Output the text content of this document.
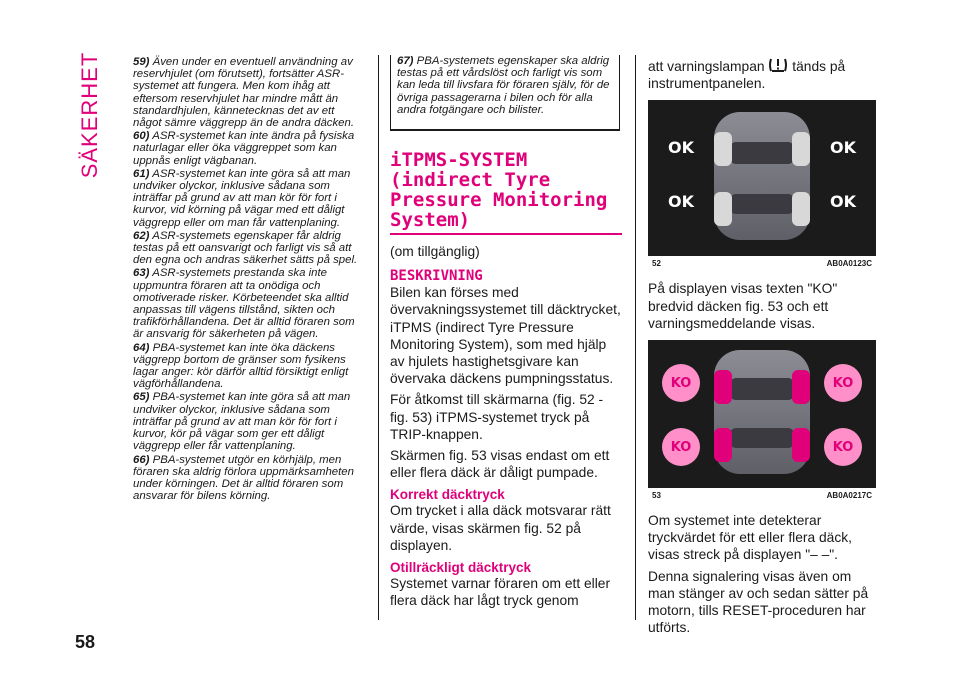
SÄKERHET
58

59) Även under en eventuell användning av reservhjulet (om förutsett), fortsätter ASR-systemet att fungera. Men kom ihåg att eftersom reservhjulet har mindre mått än standardhjulen, kännetecknas det av ett något sämre väggrepp än de andra däcken.

60) ASR-systemet kan inte ändra på fysiska naturlagar eller öka väggreppet som kan uppnås enligt vägbanan.

61) ASR-systemet kan inte göra så att man undviker olyckor, inklusive sådana som inträffar på grund av att man kör för fort i kurvor, vid körning på vägar med ett dåligt väggrepp eller om man får vattenplaning.

62) ASR-systemets egenskaper får aldrig testas på ett oansvarigt och farligt vis så att den egna och andras säkerhet sätts på spel.

63) ASR-systemets prestanda ska inte uppmuntra föraren att ta onödiga och omotiverade risker. Körbeteendet ska alltid anpassas till vägens tillstånd, sikten och trafikförhållandena. Det är alltid föraren som är ansvarig för säkerheten på vägen.

64) PBA-systemet kan inte öka däckens väggrepp bortom de gränser som fysikens lagar anger: kör därför alltid försiktigt enligt vägförhållandena.

65) PBA-systemet kan inte göra så att man undviker olyckor, inklusive sådana som inträffar på grund av att man kör för fort i kurvor, kör på vägar som ger ett dåligt väggrepp eller får vattenplaning.

66) PBA-systemet utgör en körhjälp, men föraren ska aldrig förlora uppmärksamheten under körningen. Det är alltid föraren som ansvarar för bilens körning.

67) PBA-systemets egenskaper ska aldrig testas på ett vårdslöst och farligt vis som kan leda till livsfara för föraren själv, för de övriga passagerarna i bilen och för alla andra fotgängare och bilister.

iTPMS-SYSTEM (indirect Tyre Pressure Monitoring System)

(om tillgänglig)

BESKRIVNING

Bilen kan förses med övervakningssystemet till däcktrycket, iTPMS (indirect Tyre Pressure Monitoring System), som med hjälp av hjulets hastighetsgivare kan övervaka däckens pumpningsstatus.

För åtkomst till skärmarna (fig. 52 - fig. 53) iTPMS-systemet tryck på TRIP-knappen.

Skärmen fig. 53 visas endast om ett eller flera däck är dåligt pumpade.

Korrekt däcktryck

Om trycket i alla däck motsvarar rätt värde, visas skärmen fig. 52 på displayen.

Otillräckligt däcktryck

Systemet varnar föraren om ett eller flera däck har lågt tryck genom

att varningslampan tänds på instrumentpanelen.

OK	OK
OK	OK
52	AB0A0123C

På displayen visas texten "KO" bredvid däcken fig. 53 och ett varningsmeddelande visas.

KO	KO
KO	KO
53	AB0A0217C

Om systemet inte detekterar tryckvärdet för ett eller flera däck, visas streck på displayen "– –".

Denna signalering visas även om man stänger av och sedan sätter på motorn, tills RESET-proceduren har utförts.
